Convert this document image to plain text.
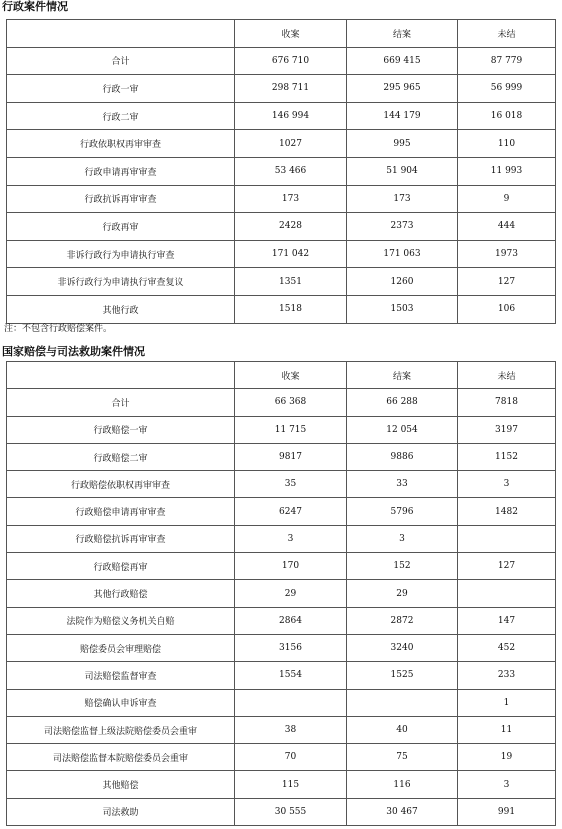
行政案件情况
	收案	结案	未结
合计	676 710	669 415	87 779
行政一审	298 711	295 965	56 999
行政二审	146 994	144 179	16 018
行政依职权再审审查	1027	995	110
行政申请再审审查	53 466	51 904	11 993
行政抗诉再审审查	173	173	9
行政再审	2428	2373	444
非诉行政行为申请执行审查	171 042	171 063	1973
非诉行政行为申请执行审查复议	1351	1260	127
其他行政	1518	1503	106
注：不包含行政赔偿案件。
国家赔偿与司法救助案件情况
	收案	结案	未结
合计	66 368	66 288	7818
行政赔偿一审	11 715	12 054	3197
行政赔偿二审	9817	9886	1152
行政赔偿依职权再审审查	35	33	3
行政赔偿申请再审审查	6247	5796	1482
行政赔偿抗诉再审审查	3	3	
行政赔偿再审	170	152	127
其他行政赔偿	29	29	
法院作为赔偿义务机关自赔	2864	2872	147
赔偿委员会审理赔偿	3156	3240	452
司法赔偿监督审查	1554	1525	233
赔偿确认申诉审查			1
司法赔偿监督上级法院赔偿委员会重审	38	40	11
司法赔偿监督本院赔偿委员会重审	70	75	19
其他赔偿	115	116	3
司法救助	30 555	30 467	991
